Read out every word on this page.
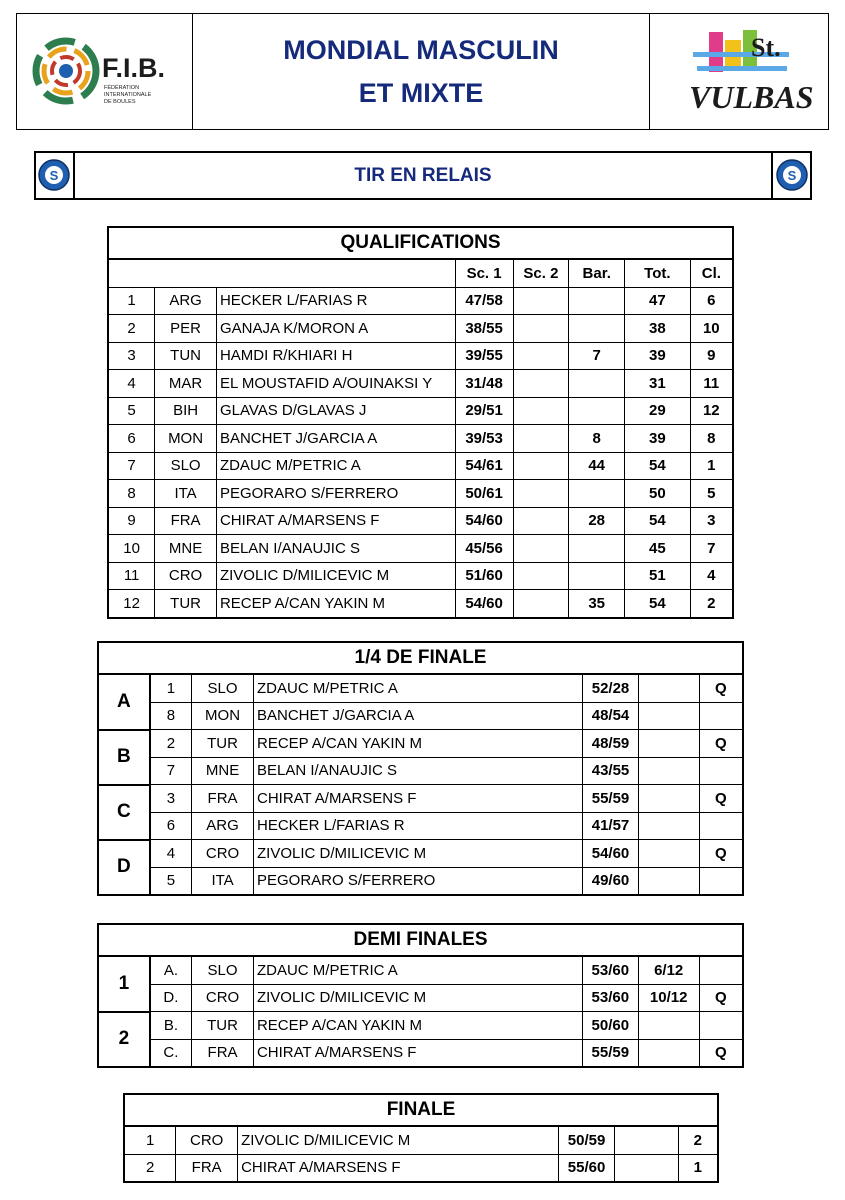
F.I.B.
FÉDÉRATION
INTERNATIONALE
DE BOULES
MONDIAL MASCULIN
ET MIXTE
St.
VULBAS
S	TIR EN RELAIS	S
QUALIFICATIONS							
			Sc. 1	Sc. 2	Bar.	Tot.	Cl.
1	ARG	HECKER L/FARIAS R	47/58			47	6
2	PER	GANAJA K/MORON A	38/55			38	10
3	TUN	HAMDI R/KHIARI H	39/55		7	39	9
4	MAR	EL MOUSTAFID A/OUINAKSI Y	31/48			31	11
5	BIH	GLAVAS D/GLAVAS J	29/51			29	12
6	MON	BANCHET J/GARCIA A	39/53		8	39	8
7	SLO	ZDAUC M/PETRIC A	54/61		44	54	1
8	ITA	PEGORARO S/FERRERO	50/61			50	5
9	FRA	CHIRAT A/MARSENS F	54/60		28	54	3
10	MNE	BELAN I/ANAUJIC S	45/56			45	7
11	CRO	ZIVOLIC D/MILICEVIC M	51/60			51	4
12	TUR	RECEP A/CAN YAKIN M	54/60		35	54	2
1/4 DE FINALE						
A	1	SLO	ZDAUC M/PETRIC A	52/28		Q
	8	MON	BANCHET J/GARCIA A	48/54		
B	2	TUR	RECEP A/CAN YAKIN M	48/59		Q
	7	MNE	BELAN I/ANAUJIC S	43/55		
C	3	FRA	CHIRAT A/MARSENS F	55/59		Q
	6	ARG	HECKER L/FARIAS R	41/57		
D	4	CRO	ZIVOLIC D/MILICEVIC M	54/60		Q
	5	ITA	PEGORARO S/FERRERO	49/60		
DEMI FINALES						
1	A.	SLO	ZDAUC M/PETRIC A	53/60	6/12	
	D.	CRO	ZIVOLIC D/MILICEVIC M	53/60	10/12	Q
2	B.	TUR	RECEP A/CAN YAKIN M	50/60		
	C.	FRA	CHIRAT A/MARSENS F	55/59		Q
FINALE					
1	CRO	ZIVOLIC D/MILICEVIC M	50/59		2
2	FRA	CHIRAT A/MARSENS F	55/60		1
